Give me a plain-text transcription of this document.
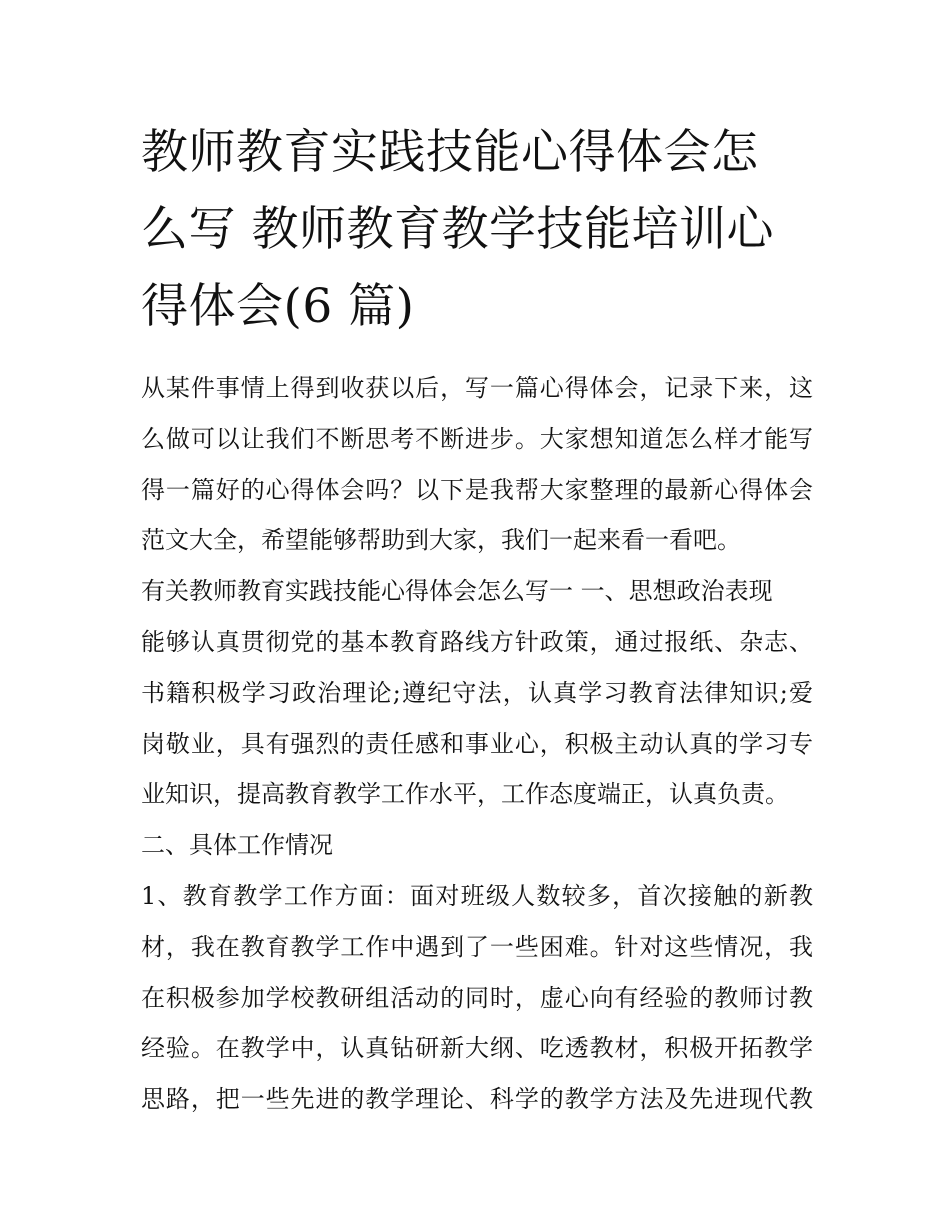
教师教育实践技能心得体会怎
么写 教师教育教学技能培训心
得体会(6 篇)

从某件事情上得到收获以后，写一篇心得体会，记录下来，这
么做可以让我们不断思考不断进步。大家想知道怎么样才能写
得一篇好的心得体会吗？以下是我帮大家整理的最新心得体会
范文大全，希望能够帮助到大家，我们一起来看一看吧。

有关教师教育实践技能心得体会怎么写一 一、思想政治表现

能够认真贯彻党的基本教育路线方针政策，通过报纸、杂志、
书籍积极学习政治理论;遵纪守法，认真学习教育法律知识;爱
岗敬业，具有强烈的责任感和事业心，积极主动认真的学习专
业知识，提高教育教学工作水平，工作态度端正，认真负责。

二、具体工作情况

1、教育教学工作方面：面对班级人数较多，首次接触的新教
材，我在教育教学工作中遇到了一些困难。针对这些情况，我
在积极参加学校教研组活动的同时，虚心向有经验的教师讨教
经验。在教学中，认真钻研新大纲、吃透教材，积极开拓教学
思路，把一些先进的教学理论、科学的教学方法及先进现代教
